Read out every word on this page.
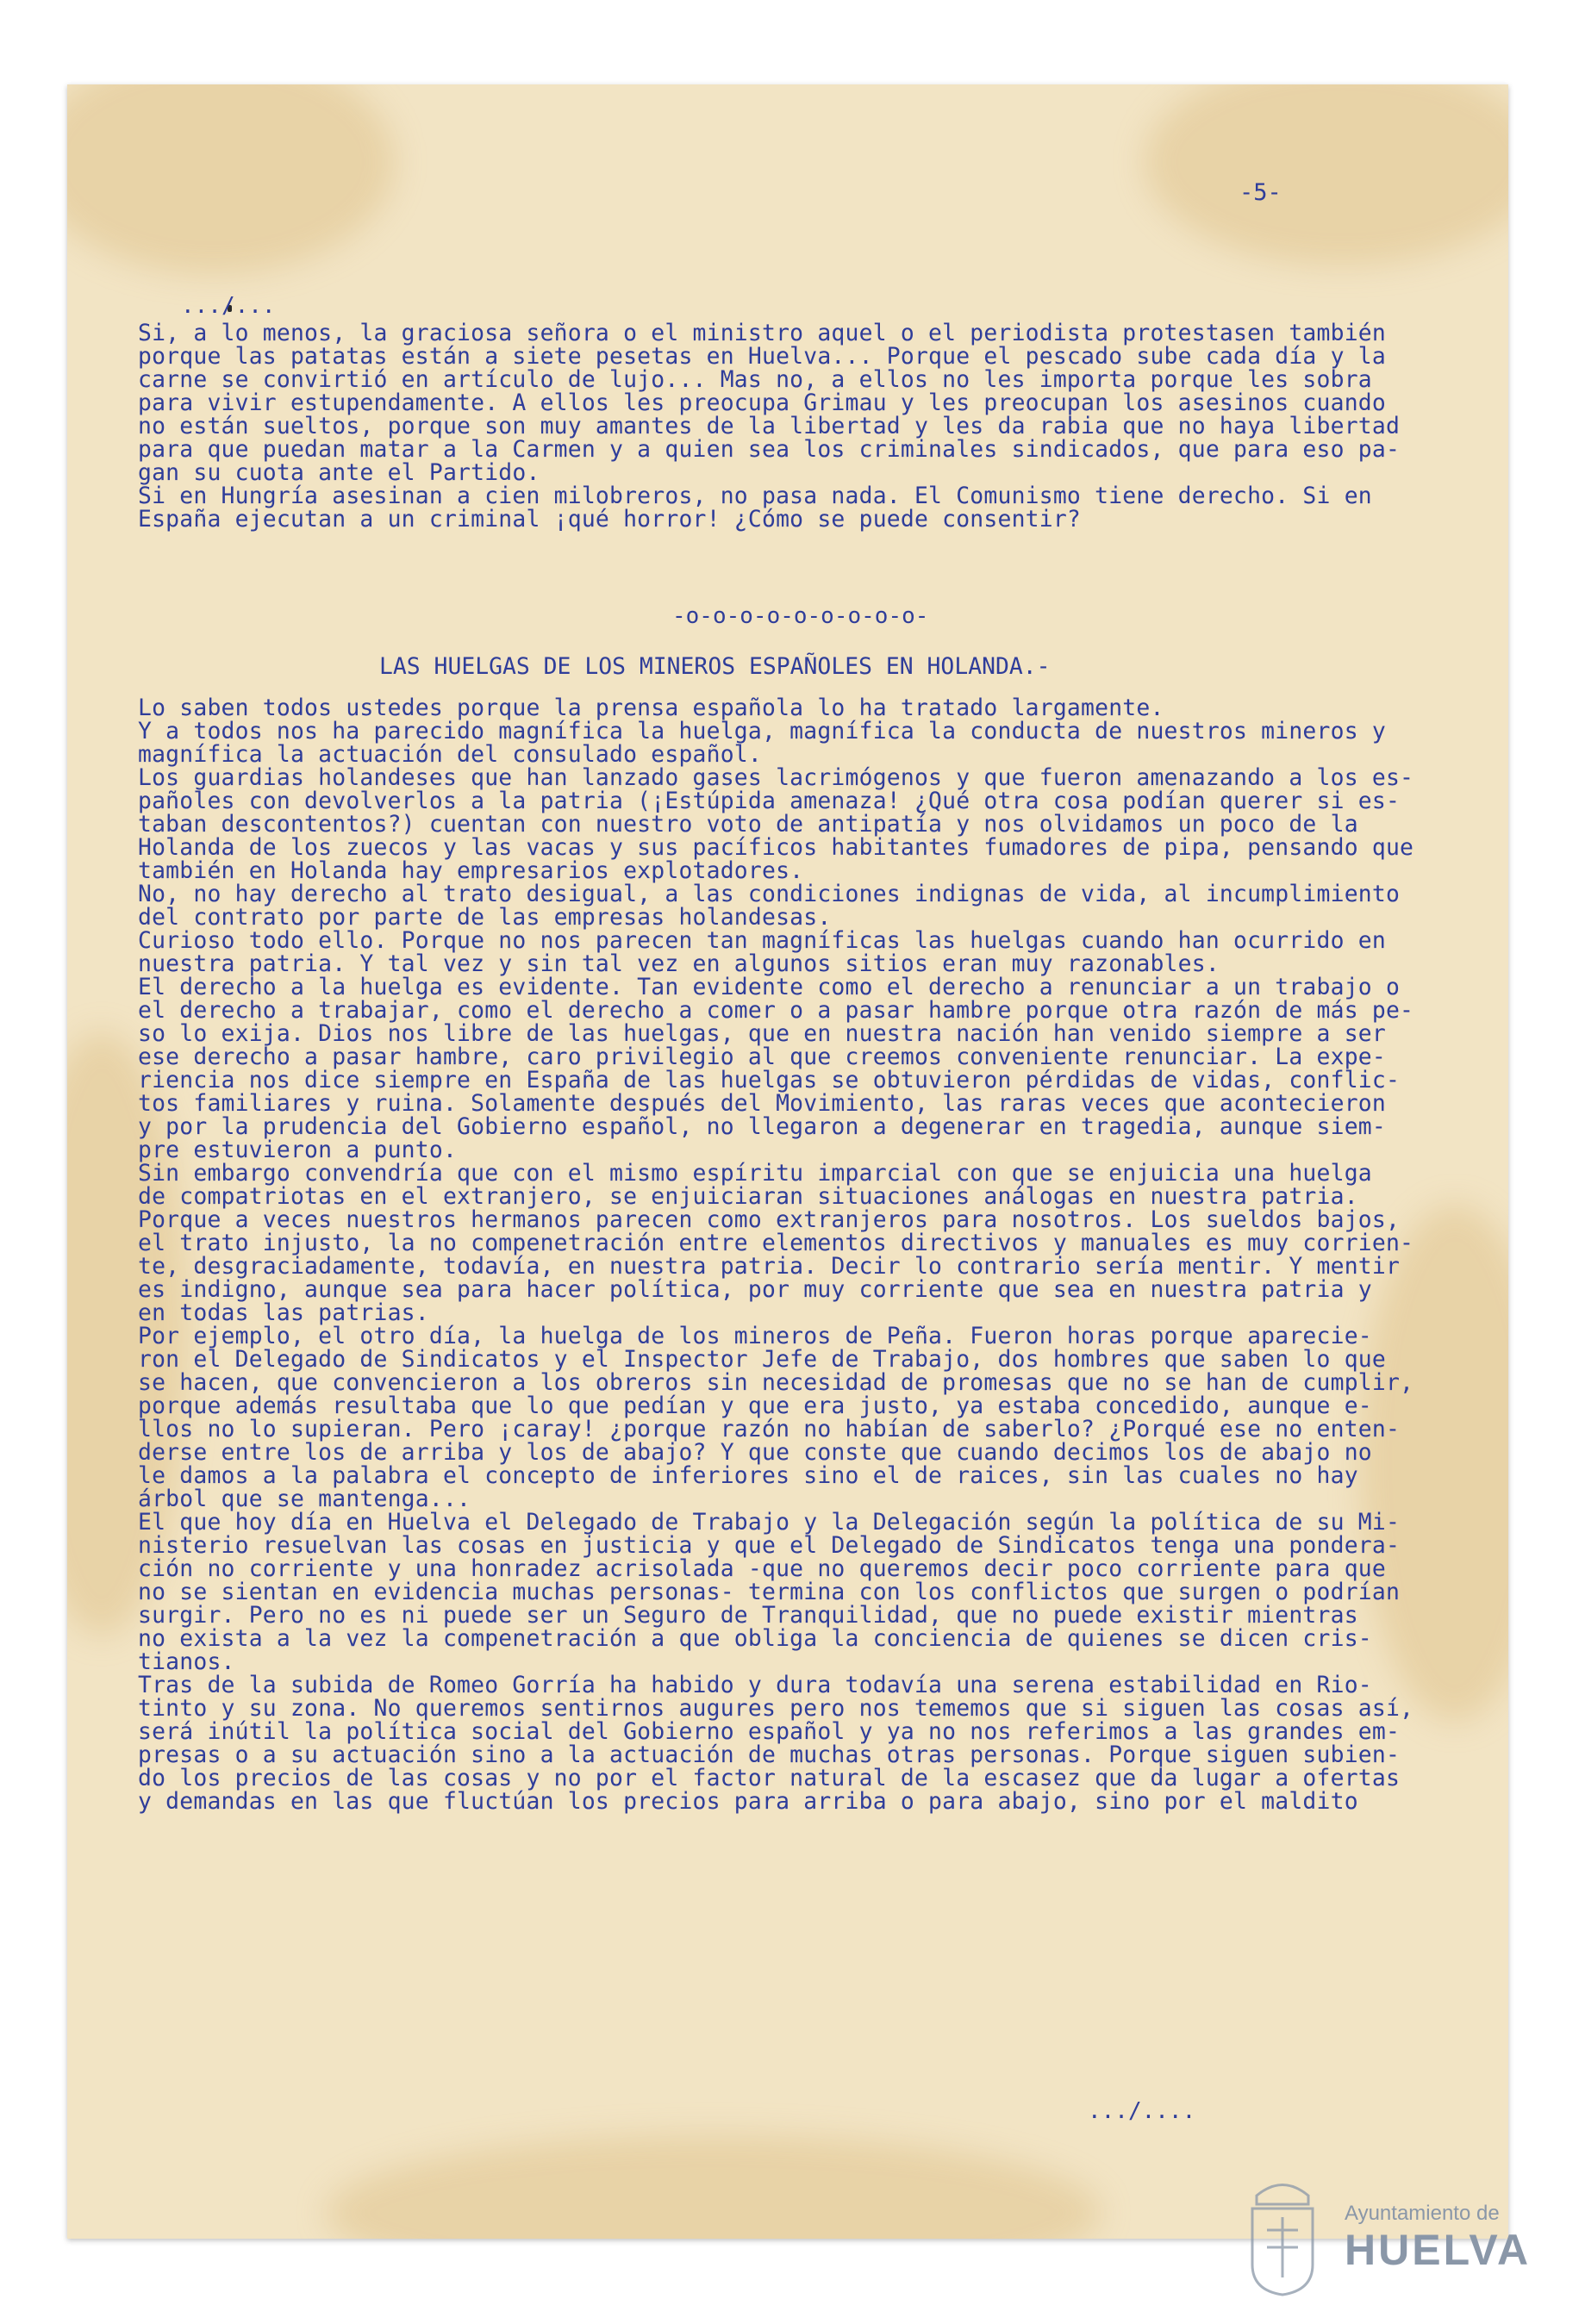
-5-
.../...
Si, a lo menos, la graciosa señora o el ministro aquel o el periodista protestasen también
porque las patatas están a siete pesetas en Huelva... Porque el pescado sube cada día y la
carne se convirtió en artículo de lujo... Mas no, a ellos no les importa porque les sobra
para vivir estupendamente. A ellos les preocupa Grimau y les preocupan los asesinos cuando
no están sueltos, porque son muy amantes de la libertad y les da rabia que no haya libertad
para que puedan matar a la Carmen y a quien sea los criminales sindicados, que para eso pa-
gan su cuota ante el Partido.
Si en Hungría asesinan a cien milobreros, no pasa nada. El Comunismo tiene derecho. Si en
España ejecutan a un criminal ¡qué horror! ¿Cómo se puede consentir?
-o-o-o-o-o-o-o-o-o-
LAS HUELGAS DE LOS MINEROS ESPAÑOLES EN HOLANDA.-
Lo saben todos ustedes porque la prensa española lo ha tratado largamente.
Y a todos nos ha parecido magnífica la huelga, magnífica la conducta de nuestros mineros y
magnífica la actuación del consulado español.
Los guardias holandeses que han lanzado gases lacrimógenos y que fueron amenazando a los es-
pañoles con devolverlos a la patria (¡Estúpida amenaza! ¿Qué otra cosa podían querer si es-
taban descontentos?) cuentan con nuestro voto de antipatía y nos olvidamos un poco de la
Holanda de los zuecos y las vacas y sus pacíficos habitantes fumadores de pipa, pensando que
también en Holanda hay empresarios explotadores.
No, no hay derecho al trato desigual, a las condiciones indignas de vida, al incumplimiento
del contrato por parte de las empresas holandesas.
Curioso todo ello. Porque no nos parecen tan magníficas las huelgas cuando han ocurrido en
nuestra patria. Y tal vez y sin tal vez en algunos sitios eran muy razonables.
El derecho a la huelga es evidente. Tan evidente como el derecho a renunciar a un trabajo o
el derecho a trabajar, como el derecho a comer o a pasar hambre porque otra razón de más pe-
so lo exija. Dios nos libre de las huelgas, que en nuestra nación han venido siempre a ser
ese derecho a pasar hambre, caro privilegio al que creemos conveniente renunciar. La expe-
riencia nos dice siempre en España de las huelgas se obtuvieron pérdidas de vidas, conflic-
tos familiares y ruina. Solamente después del Movimiento, las raras veces que acontecieron
y por la prudencia del Gobierno español, no llegaron a degenerar en tragedia, aunque siem-
pre estuvieron a punto.
Sin embargo convendría que con el mismo espíritu imparcial con que se enjuicia una huelga
de compatriotas en el extranjero, se enjuiciaran situaciones análogas en nuestra patria.
Porque a veces nuestros hermanos parecen como extranjeros para nosotros. Los sueldos bajos,
el trato injusto, la no compenetración entre elementos directivos y manuales es muy corrien-
te, desgraciadamente, todavía, en nuestra patria. Decir lo contrario sería mentir. Y mentir
es indigno, aunque sea para hacer política, por muy corriente que sea en nuestra patria y
en todas las patrias.
Por ejemplo, el otro día, la huelga de los mineros de Peña. Fueron horas porque aparecie-
ron el Delegado de Sindicatos y el Inspector Jefe de Trabajo, dos hombres que saben lo que
se hacen, que convencieron a los obreros sin necesidad de promesas que no se han de cumplir,
porque además resultaba que lo que pedían y que era justo, ya estaba concedido, aunque e-
llos no lo supieran. Pero ¡caray! ¿porque razón no habían de saberlo? ¿Porqué ese no enten-
derse entre los de arriba y los de abajo? Y que conste que cuando decimos los de abajo no
le damos a la palabra el concepto de inferiores sino el de raices, sin las cuales no hay
árbol que se mantenga...
El que hoy día en Huelva el Delegado de Trabajo y la Delegación según la política de su Mi-
nisterio resuelvan las cosas en justicia y que el Delegado de Sindicatos tenga una pondera-
ción no corriente y una honradez acrisolada -que no queremos decir poco corriente para que
no se sientan en evidencia muchas personas- termina con los conflictos que surgen o podrían
surgir. Pero no es ni puede ser un Seguro de Tranquilidad, que no puede existir mientras
no exista a la vez la compenetración a que obliga la conciencia de quienes se dicen cris-
tianos.
Tras de la subida de Romeo Gorría ha habido y dura todavía una serena estabilidad en Rio-
tinto y su zona. No queremos sentirnos augures pero nos tememos que si siguen las cosas así,
será inútil la política social del Gobierno español y ya no nos referimos a las grandes em-
presas o a su actuación sino a la actuación de muchas otras personas. Porque siguen subien-
do los precios de las cosas y no por el factor natural de la escasez que da lugar a ofertas
y demandas en las que fluctúan los precios para arriba o para abajo, sino por el maldito
.../....
Ayuntamiento de
HUELVA
